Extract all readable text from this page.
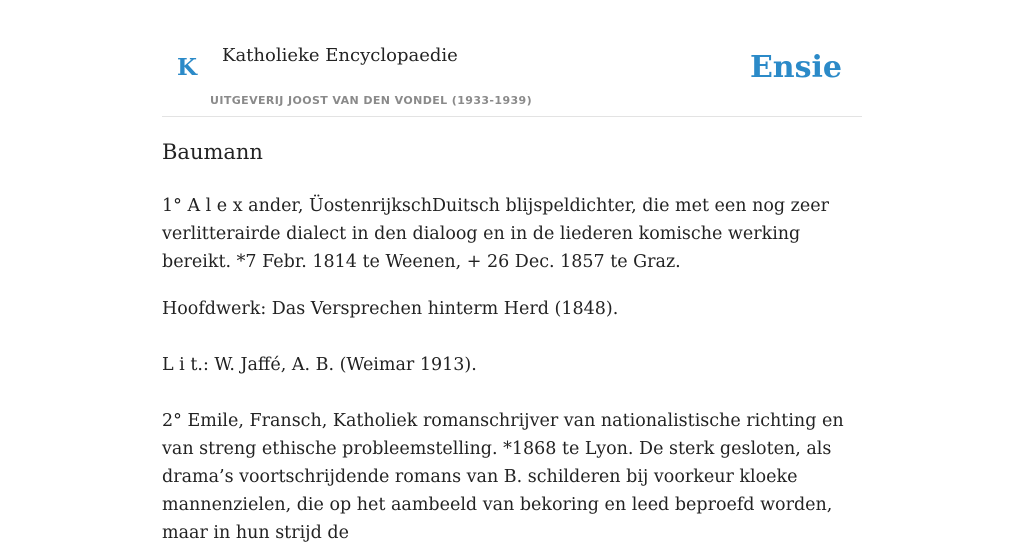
K Katholieke Encyclopaedie
UITGEVERIJ JOOST VAN DEN VONDEL (1933-1939)
Ensie
Baumann

1° A l e x ander, ÜostenrijkschDuitsch blijspeldichter, die met een nog zeer verlitterairde dialect in den dialoog en in de liederen komische werking bereikt. *7 Febr. 1814 te Weenen, + 26 Dec. 1857 te Graz.

Hoofdwerk: Das Versprechen hinterm Herd (1848).

L i t.: W. Jaffé, A. B. (Weimar 1913).

2° Emile, Fransch, Katholiek romanschrijver van nationalistische richting en van streng ethische probleemstelling. *1868 te Lyon. De sterk gesloten, als drama’s voortschrijdende romans van B. schilderen bij voorkeur kloeke mannenzielen, die op het aambeeld van bekoring en leed beproefd worden, maar in hun strijd de
